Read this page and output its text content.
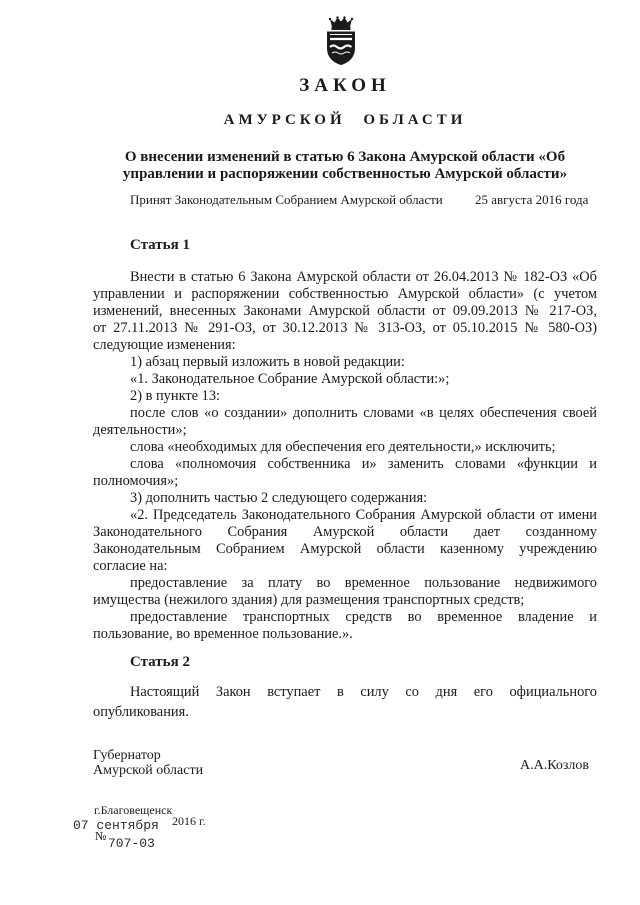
ЗАКОН
АМУРСКОЙ ОБЛАСТИ
О внесении изменений в статью 6 Закона Амурской области «Об
управлении и распоряжении собственностью Амурской области»
Принят Законодательным Собранием Амурской области 25 августа 2016 года
Статья 1
Внести в статью 6 Закона Амурской области от 26.04.2013 № 182-ОЗ «Об
управлении и распоряжении собственностью Амурской области» (с учетом
изменений, внесенных Законами Амурской области от 09.09.2013 № 217-ОЗ,
от 27.11.2013 № 291-ОЗ, от 30.12.2013 № 313-ОЗ, от 05.10.2015 № 580-ОЗ)
следующие изменения:
1) абзац первый изложить в новой редакции:
«1. Законодательное Собрание Амурской области:»;
2) в пункте 13:
после слов «о создании» дополнить словами «в целях обеспечения своей
деятельности»;
слова «необходимых для обеспечения его деятельности,» исключить;
слова «полномочия собственника и» заменить словами «функции и
полномочия»;
3) дополнить частью 2 следующего содержания:
«2. Председатель Законодательного Собрания Амурской области от имени
Законодательного Собрания Амурской области дает созданному
Законодательным Собранием Амурской области казенному учреждению
согласие на:
предоставление за плату во временное пользование недвижимого
имущества (нежилого здания) для размещения транспортных средств;
предоставление транспортных средств во временное владение и
пользование, во временное пользование.».
Статья 2
Настоящий Закон вступает в силу со дня его официального
опубликования.
Губернатор
Амурской области	А.А.Козлов
г.Благовещенск
07 сентября 2016 г.
№ 707-03
